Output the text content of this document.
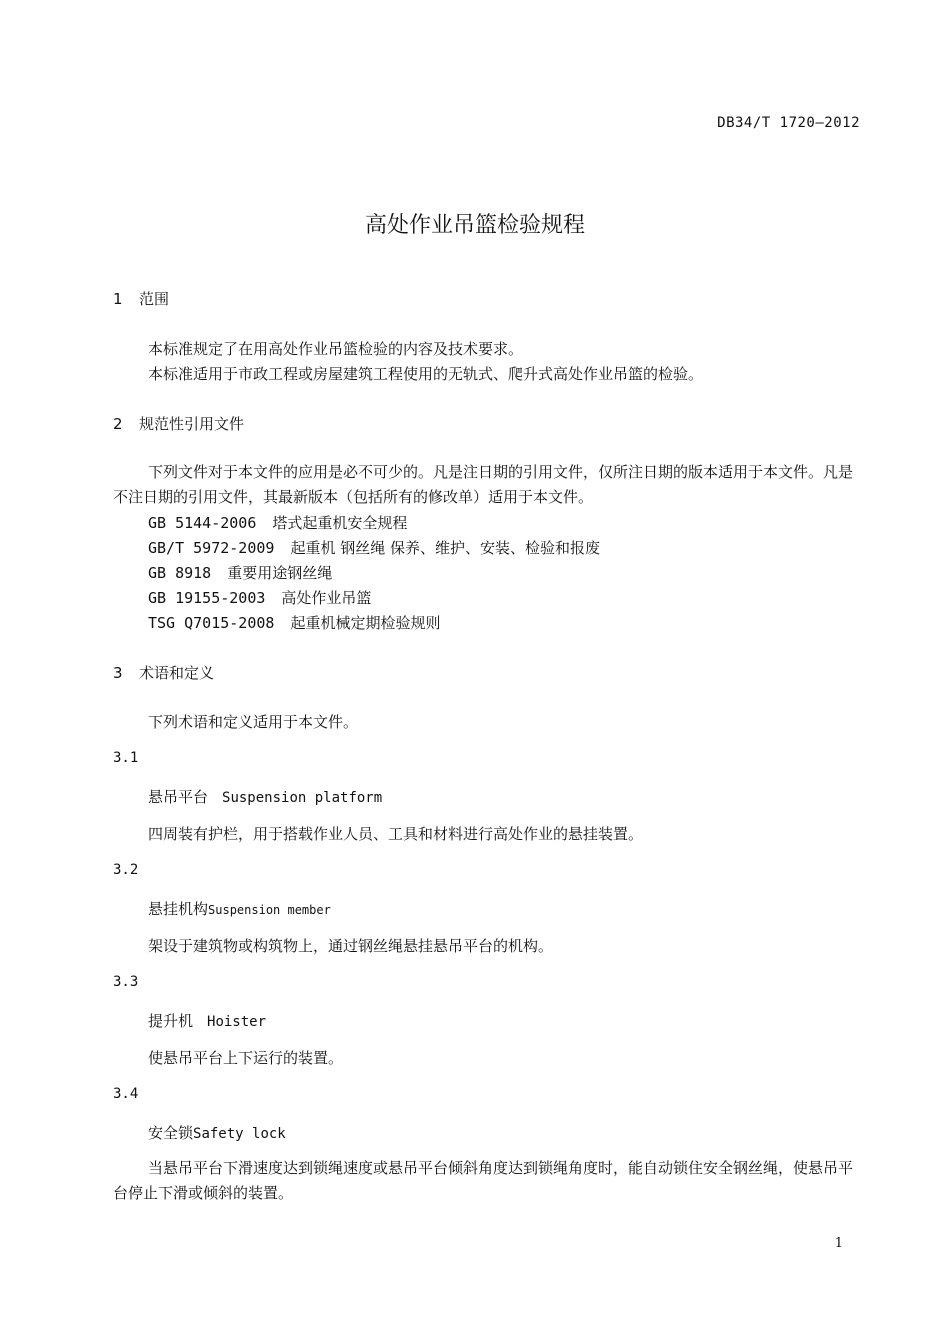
DB34/T 1720—2012
高处作业吊篮检验规程
1 范围
本标准规定了在用高处作业吊篮检验的内容及技术要求。
本标准适用于市政工程或房屋建筑工程使用的无轨式、爬升式高处作业吊篮的检验。
2 规范性引用文件
下列文件对于本文件的应用是必不可少的。凡是注日期的引用文件，仅所注日期的版本适用于本文件。凡是不注日期的引用文件，其最新版本（包括所有的修改单）适用于本文件。
GB 5144-2006 塔式起重机安全规程
GB/T 5972-2009 起重机 钢丝绳 保养、维护、安装、检验和报废
GB 8918 重要用途钢丝绳
GB 19155-2003 高处作业吊篮
TSG Q7015-2008 起重机械定期检验规则
3 术语和定义
下列术语和定义适用于本文件。
3.1
悬吊平台 Suspension platform
四周装有护栏，用于搭载作业人员、工具和材料进行高处作业的悬挂装置。
3.2
悬挂机构Suspension member
架设于建筑物或构筑物上，通过钢丝绳悬挂悬吊平台的机构。
3.3
提升机 Hoister
使悬吊平台上下运行的装置。
3.4
安全锁Safety lock
当悬吊平台下滑速度达到锁绳速度或悬吊平台倾斜角度达到锁绳角度时，能自动锁住安全钢丝绳，使悬吊平台停止下滑或倾斜的装置。
1
